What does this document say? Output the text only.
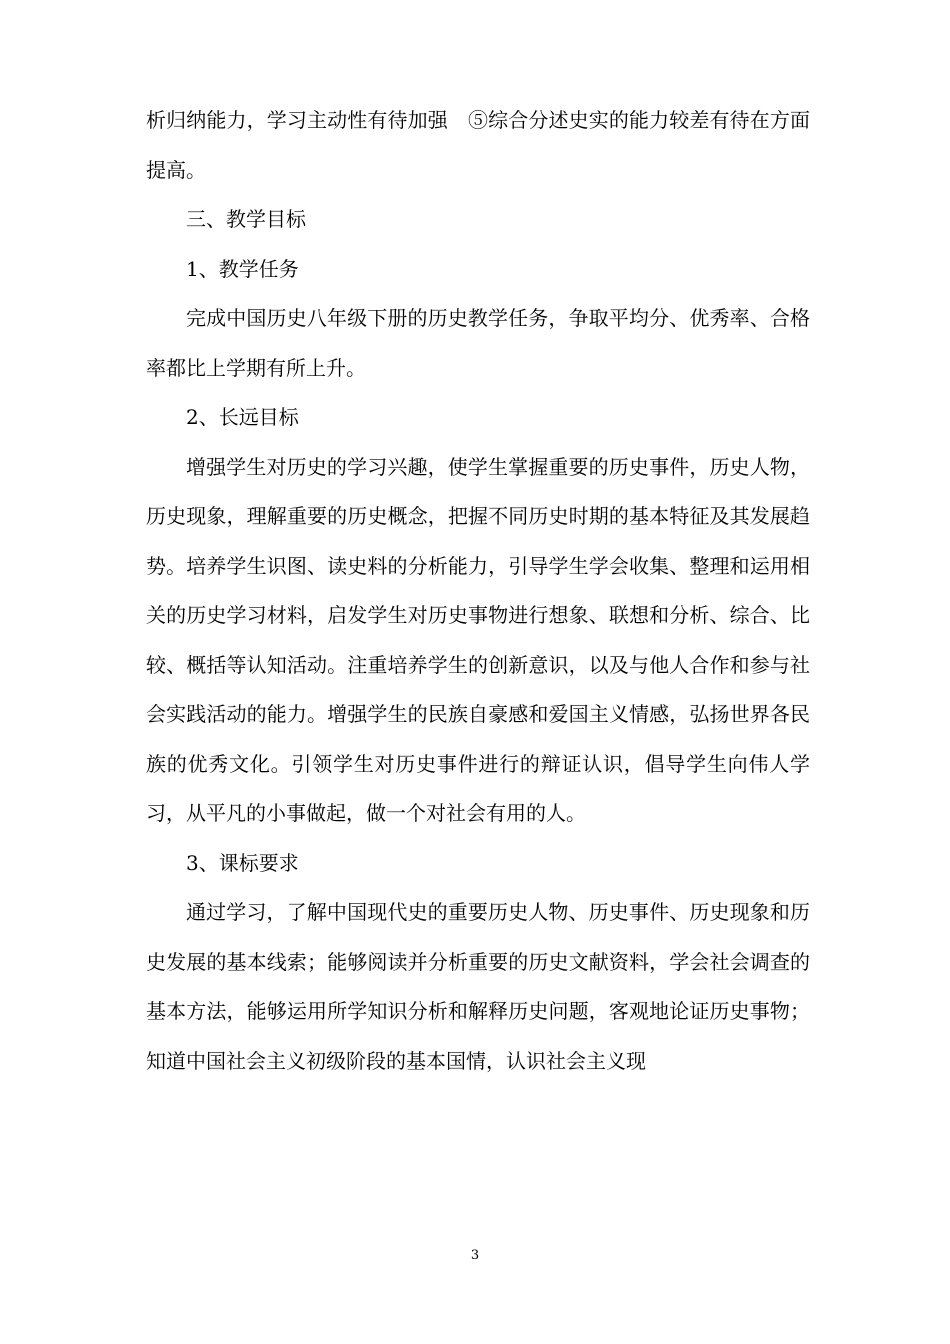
析归纳能力，学习主动性有待加强　⑤综合分述史实的能力较差有待在方面提高。

三、教学目标

1、教学任务

完成中国历史八年级下册的历史教学任务，争取平均分、优秀率、合格率都比上学期有所上升。

2、长远目标

增强学生对历史的学习兴趣，使学生掌握重要的历史事件，历史人物，历史现象，理解重要的历史概念，把握不同历史时期的基本特征及其发展趋势。培养学生识图、读史料的分析能力，引导学生学会收集、整理和运用相关的历史学习材料，启发学生对历史事物进行想象、联想和分析、综合、比较、概括等认知活动。注重培养学生的创新意识，以及与他人合作和参与社会实践活动的能力。增强学生的民族自豪感和爱国主义情感，弘扬世界各民族的优秀文化。引领学生对历史事件进行的辩证认识，倡导学生向伟人学习，从平凡的小事做起，做一个对社会有用的人。

3、课标要求

通过学习，了解中国现代史的重要历史人物、历史事件、历史现象和历史发展的基本线索；能够阅读并分析重要的历史文献资料，学会社会调查的基本方法，能够运用所学知识分析和解释历史问题，客观地论证历史事物；知道中国社会主义初级阶段的基本国情，认识社会主义现

3
